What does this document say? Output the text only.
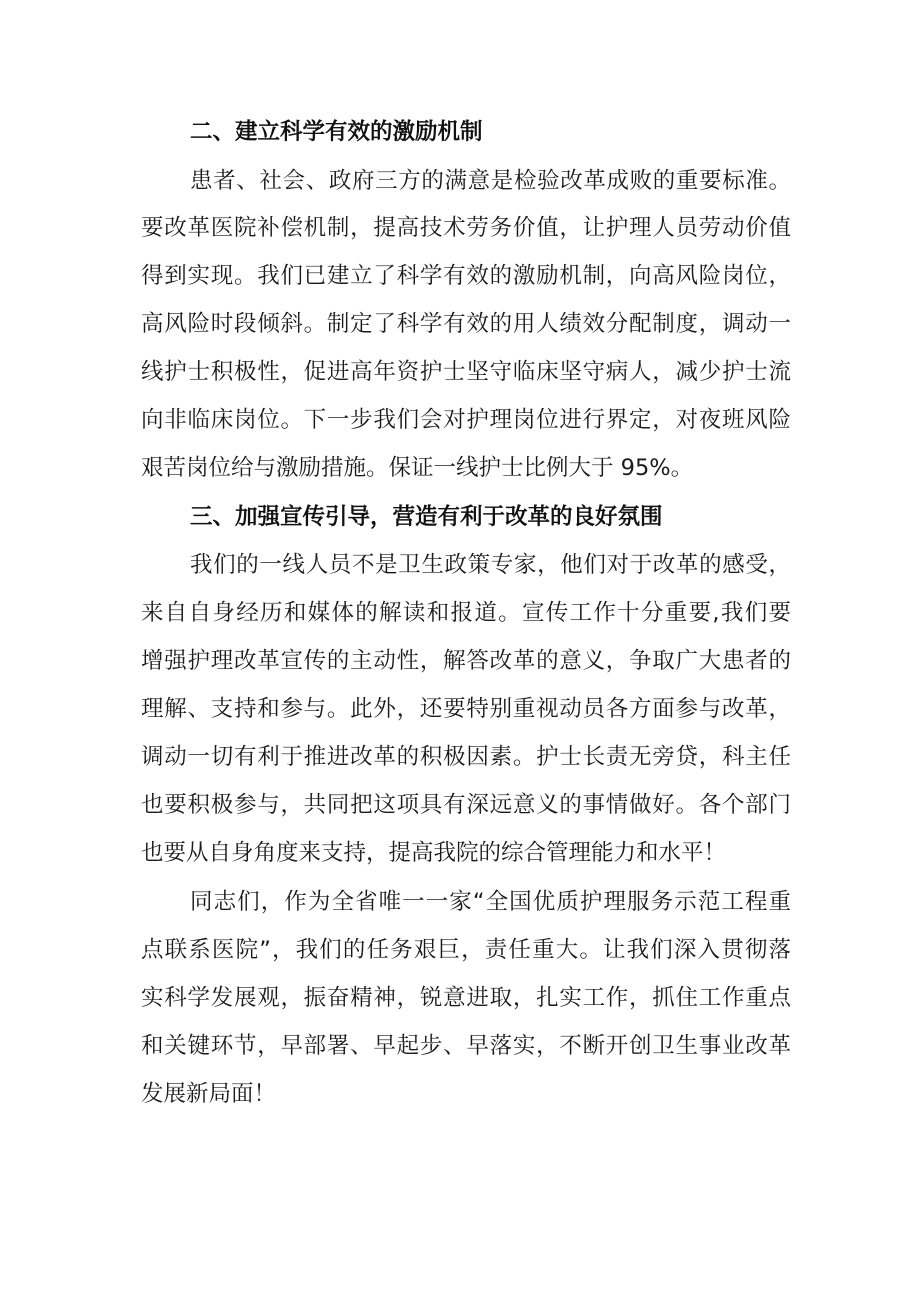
二、建立科学有效的激励机制
患者、社会、政府三方的满意是检验改革成败的重要标准。
要改革医院补偿机制，提高技术劳务价值，让护理人员劳动价值
得到实现。我们已建立了科学有效的激励机制，向高风险岗位，
高风险时段倾斜。制定了科学有效的用人绩效分配制度，调动一
线护士积极性，促进高年资护士坚守临床坚守病人，减少护士流
向非临床岗位。下一步我们会对护理岗位进行界定，对夜班风险
艰苦岗位给与激励措施。保证一线护士比例大于 95%。
三、加强宣传引导，营造有利于改革的良好氛围
我们的一线人员不是卫生政策专家，他们对于改革的感受，
来自自身经历和媒体的解读和报道。宣传工作十分重要,我们要
增强护理改革宣传的主动性，解答改革的意义，争取广大患者的
理解、支持和参与。此外，还要特别重视动员各方面参与改革，
调动一切有利于推进改革的积极因素。护士长责无旁贷，科主任
也要积极参与，共同把这项具有深远意义的事情做好。各个部门
也要从自身角度来支持，提高我院的综合管理能力和水平！
同志们，作为全省唯一一家“全国优质护理服务示范工程重
点联系医院”，我们的任务艰巨，责任重大。让我们深入贯彻落
实科学发展观，振奋精神，锐意进取，扎实工作，抓住工作重点
和关键环节，早部署、早起步、早落实，不断开创卫生事业改革
发展新局面！
